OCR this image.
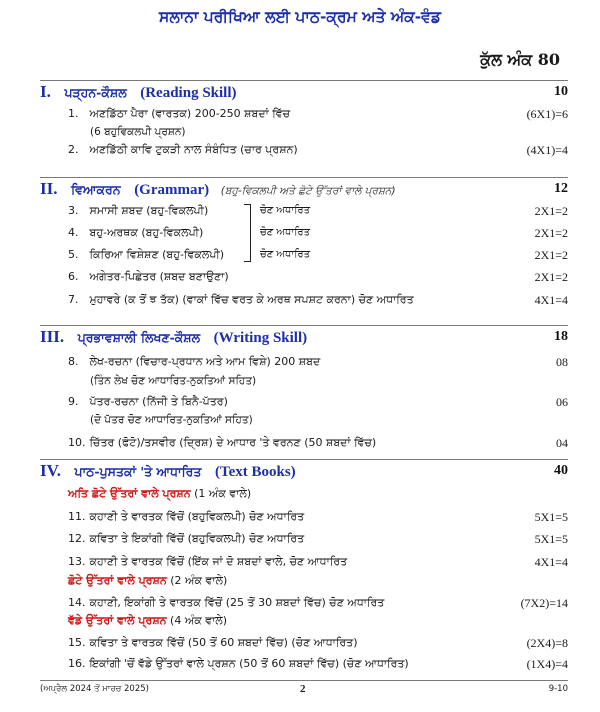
ਸਲਾਨਾ ਪਰੀਖਿਆ ਲਈ ਪਾਠ-ਕ੍ਰਮ ਅਤੇ ਅੰਕ-ਵੰਡ
ਕੁੱਲ ਅੰਕ 80
I. ਪੜ੍ਹਨ-ਕੌਸ਼ਲ (Reading Skill)	10
1. ਅਣਡਿੱਠਾ ਪੈਰਾ (ਵਾਰਤਕ) 200-250 ਸ਼ਬਦਾਂ ਵਿੱਚ	(6X1)=6
(6 ਬਹੁਵਿਕਲਪੀ ਪ੍ਰਸ਼ਨ)
2. ਅਣਡਿੱਠੀ ਕਾਵਿ ਟੁਕੜੀ ਨਾਲ ਸੰਬੰਧਿਤ (ਚਾਰ ਪ੍ਰਸ਼ਨ)	(4X1)=4
II. ਵਿਆਕਰਨ (Grammar) (ਬਹੁ-ਵਿਕਲਪੀ ਅਤੇ ਛੋਟੇ ਉੱਤਰਾਂ ਵਾਲੇ ਪ੍ਰਸ਼ਨ)	12
3. ਸਮਾਸੀ ਸ਼ਬਦ (ਬਹੁ-ਵਿਕਲਪੀ)	ਚੋਣ ਅਧਾਰਿਤ	2X1=2
4. ਬਹੁ-ਅਰਥਕ (ਬਹੁ-ਵਿਕਲਪੀ)	ਚੋਣ ਅਧਾਰਿਤ	2X1=2
5. ਕਿਰਿਆ ਵਿਸ਼ੇਸ਼ਣ (ਬਹੁ-ਵਿਕਲਪੀ)	ਚੋਣ ਅਧਾਰਿਤ	2X1=2
6. ਅਗੇਤਰ-ਪਿਛੇਤਰ (ਸ਼ਬਦ ਬਣਾਉਣਾ)	2X1=2
7. ਮੁਹਾਵਰੇ (ਕ ਤੋਂ ਝ ਤੱਕ) (ਵਾਕਾਂ ਵਿੱਚ ਵਰਤ ਕੇ ਅਰਥ ਸਪਸ਼ਟ ਕਰਨਾ) ਚੋਣ ਅਧਾਰਿਤ	4X1=4
III. ਪ੍ਰਭਾਵਸ਼ਾਲੀ ਲਿਖਣ-ਕੌਸ਼ਲ (Writing Skill)	18
8. ਲੇਖ-ਰਚਨਾ (ਵਿਚਾਰ-ਪ੍ਰਧਾਨ ਅਤੇ ਆਮ ਵਿਸ਼ੇ) 200 ਸ਼ਬਦ	08
(ਤਿੰਨ ਲੇਖ ਚੋਣ ਆਧਾਰਿਤ-ਨੁਕਤਿਆਂ ਸਹਿਤ)
9. ਪੱਤਰ-ਰਚਨਾ (ਨਿੱਜੀ ਤੇ ਬਿਨੈ-ਪੱਤਰ)	06
(ਦੋ ਪੱਤਰ ਚੋਣ ਆਧਾਰਿਤ-ਨੁਕਤਿਆਂ ਸਹਿਤ)
10. ਚਿੱਤਰ (ਫੋਟੋ)/ਤਸਵੀਰ (ਦ੍ਰਿਸ਼) ਦੇ ਆਧਾਰ 'ਤੇ ਵਰਨਣ (50 ਸ਼ਬਦਾਂ ਵਿੱਚ)	04
IV. ਪਾਠ-ਪੁਸਤਕਾਂ 'ਤੇ ਆਧਾਰਿਤ (Text Books)	40
ਅਤਿ ਛੋਟੇ ਉੱਤਰਾਂ ਵਾਲੇ ਪ੍ਰਸ਼ਨ (1 ਅੰਕ ਵਾਲੇ)
11. ਕਹਾਣੀ ਤੇ ਵਾਰਤਕ ਵਿੱਚੋਂ (ਬਹੁਵਿਕਲਪੀ) ਚੋਣ ਅਧਾਰਿਤ	5X1=5
12. ਕਵਿਤਾ ਤੇ ਇਕਾਂਗੀ ਵਿੱਚੋਂ (ਬਹੁਵਿਕਲਪੀ) ਚੋਣ ਅਧਾਰਿਤ	5X1=5
13. ਕਹਾਣੀ ਤੇ ਵਾਰਤਕ ਵਿੱਚੋਂ (ਇੱਕ ਜਾਂ ਦੋ ਸ਼ਬਦਾਂ ਵਾਲੇ, ਚੋਣ ਆਧਾਰਿਤ	4X1=4
ਛੋਟੇ ਉੱਤਰਾਂ ਵਾਲੇ ਪ੍ਰਸ਼ਨ (2 ਅੰਕ ਵਾਲੇ)
14. ਕਹਾਣੀ, ਇਕਾਂਗੀ ਤੇ ਵਾਰਤਕ ਵਿੱਚੋਂ (25 ਤੋਂ 30 ਸ਼ਬਦਾਂ ਵਿੱਚ) ਚੋਣ ਅਧਾਰਿਤ	(7X2)=14
ਵੱਡੇ ਉੱਤਰਾਂ ਵਾਲੇ ਪ੍ਰਸ਼ਨ (4 ਅੰਕ ਵਾਲੇ)
15. ਕਵਿਤਾ ਤੇ ਵਾਰਤਕ ਵਿੱਚੋਂ (50 ਤੋਂ 60 ਸ਼ਬਦਾਂ ਵਿੱਚ) (ਚੋਣ ਆਧਾਰਿਤ)	(2X4)=8
16. ਇਕਾਂਗੀ 'ਚੋਂ ਵੱਡੇ ਉੱਤਰਾਂ ਵਾਲੇ ਪ੍ਰਸ਼ਨ (50 ਤੋਂ 60 ਸ਼ਬਦਾਂ ਵਿੱਚ) (ਚੋਣ ਆਧਾਰਿਤ)	(1X4)=4
(ਅਪ੍ਰੈਲ 2024 ਤੋਂ ਮਾਰਚ 2025)	2	9-10
